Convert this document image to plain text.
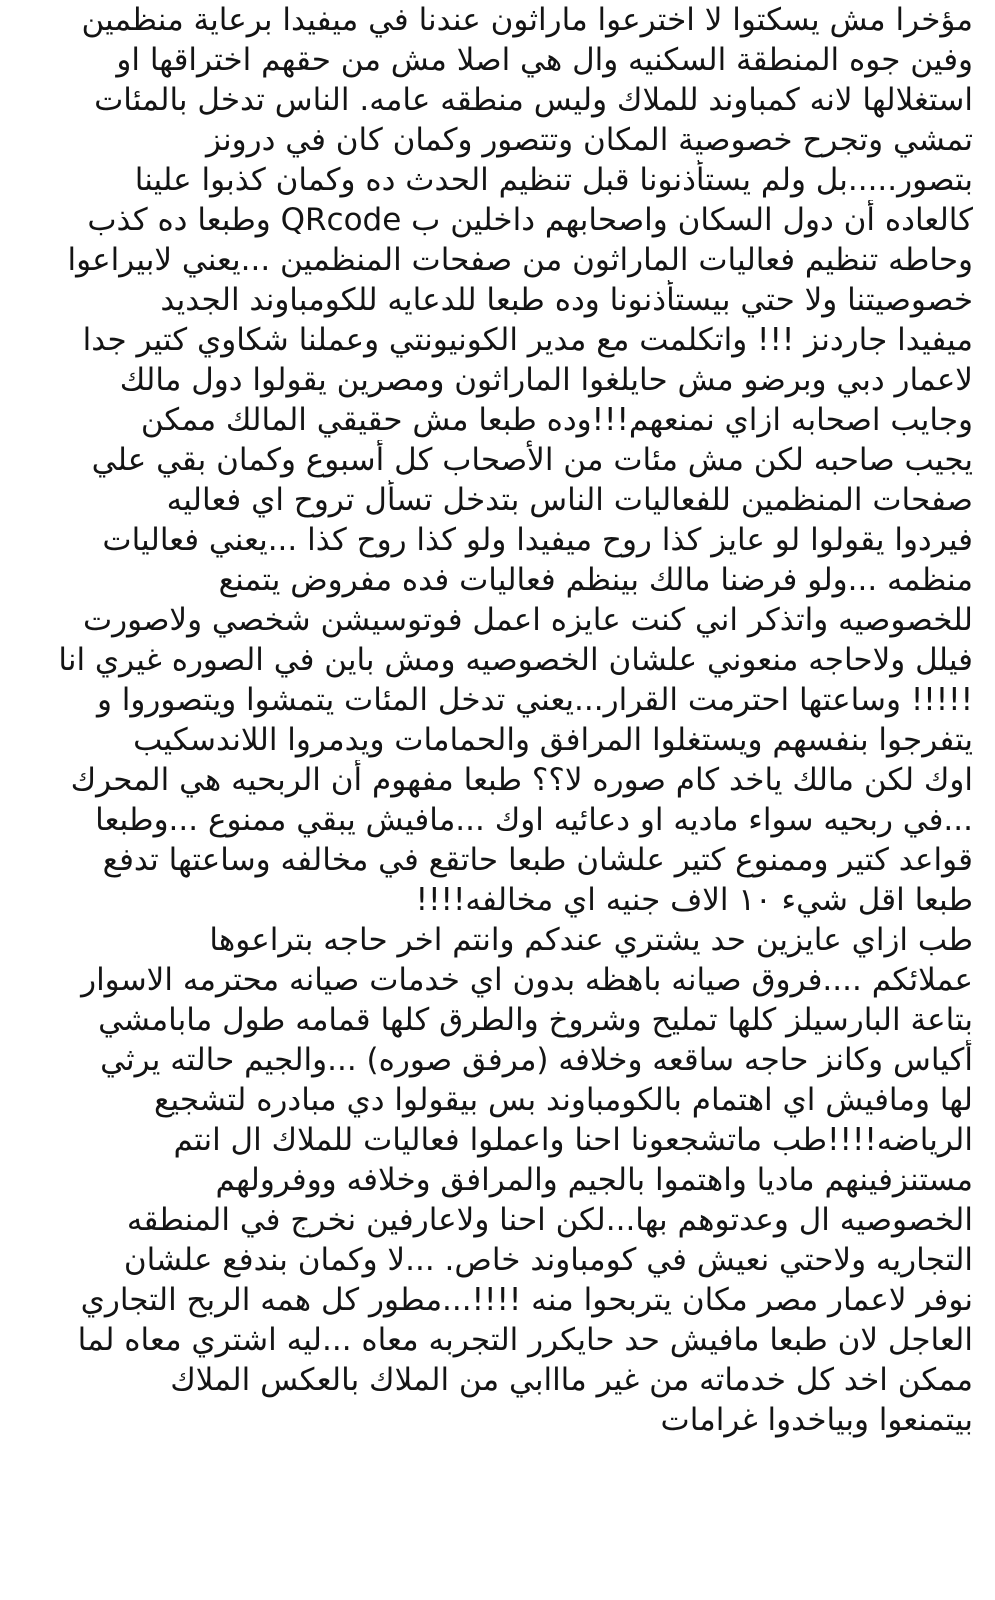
مؤخرا مش يسكتوا لا اخترعوا ماراثون عندنا في ميفيدا برعاية منظمين
وفين جوه المنطقة السكنيه وال هي اصلا مش من حقهم اختراقها او
استغلالها لانه كمباوند للملاك وليس منطقه عامه. الناس تدخل بالمئات
تمشي وتجرح خصوصية المكان وتتصور وكمان كان في درونز
بتصور.....بل ولم يستأذنونا قبل تنظيم الحدث ده وكمان كذبوا علينا
كالعاده أن دول السكان واصحابهم داخلين ب QRcode وطبعا ده كذب
وحاطه تنظيم فعاليات الماراثون من صفحات المنظمين ...يعني لابيراعوا
خصوصيتنا ولا حتي بيستأذنونا وده طبعا للدعايه للكومباوند الجديد
ميفيدا جاردنز !!! واتكلمت مع مدير الكونيونتي وعملنا شكاوي كتير جدا
لاعمار دبي وبرضو مش حايلغوا الماراثون ومصرين يقولوا دول مالك
وجايب اصحابه ازاي نمنعهم!!!وده طبعا مش حقيقي المالك ممكن
يجيب صاحبه لكن مش مئات من الأصحاب كل أسبوع وكمان بقي علي
صفحات المنظمين للفعاليات الناس بتدخل تسأل تروح اي فعاليه
فيردوا يقولوا لو عايز كذا روح ميفيدا ولو كذا روح كذا ...يعني فعاليات
منظمه ...ولو فرضنا مالك بينظم فعاليات فده مفروض يتمنع
للخصوصيه واتذكر اني كنت عايزه اعمل فوتوسيشن شخصي ولاصورت
فيلل ولاحاجه منعوني علشان الخصوصيه ومش باين في الصوره غيري انا
!!!!! وساعتها احترمت القرار...يعني تدخل المئات يتمشوا ويتصوروا و
يتفرجوا بنفسهم ويستغلوا المرافق والحمامات ويدمروا اللاندسكيب
اوك لكن مالك ياخد كام صوره لا؟؟ طبعا مفهوم أن الربحيه هي المحرك
...في ربحيه سواء ماديه او دعائيه اوك ...مافيش يبقي ممنوع ...وطبعا
قواعد كتير وممنوع كتير علشان طبعا حاتقع في مخالفه وساعتها تدفع
طبعا اقل شيء ١٠ الاف جنيه اي مخالفه!!!!
طب ازاي عايزين حد يشتري عندكم وانتم اخر حاجه بتراعوها
عملائكم ....فروق صيانه باهظه بدون اي خدمات صيانه محترمه الاسوار
بتاعة البارسيلز كلها تمليح وشروخ والطرق كلها قمامه طول مابامشي
أكياس وكانز حاجه ساقعه وخلافه (مرفق صوره) ...والجيم حالته يرثي
لها ومافيش اي اهتمام بالكومباوند بس بيقولوا دي مبادره لتشجيع
الرياضه!!!!طب ماتشجعونا احنا واعملوا فعاليات للملاك ال انتم
مستنزفينهم ماديا واهتموا بالجيم والمرافق وخلافه ووفرولهم
الخصوصيه ال وعدتوهم بها...لكن احنا ولاعارفين نخرج في المنطقه
التجاريه ولاحتي نعيش في كومباوند خاص. ...لا وكمان بندفع علشان
نوفر لاعمار مصر مكان يتربحوا منه !!!!...مطور كل همه الربح التجاري
العاجل لان طبعا مافيش حد حايكرر التجربه معاه ...ليه اشتري معاه لما
ممكن اخد كل خدماته من غير مااابي من الملاك بالعكس الملاك
بيتمنعوا وبياخدوا غرامات
